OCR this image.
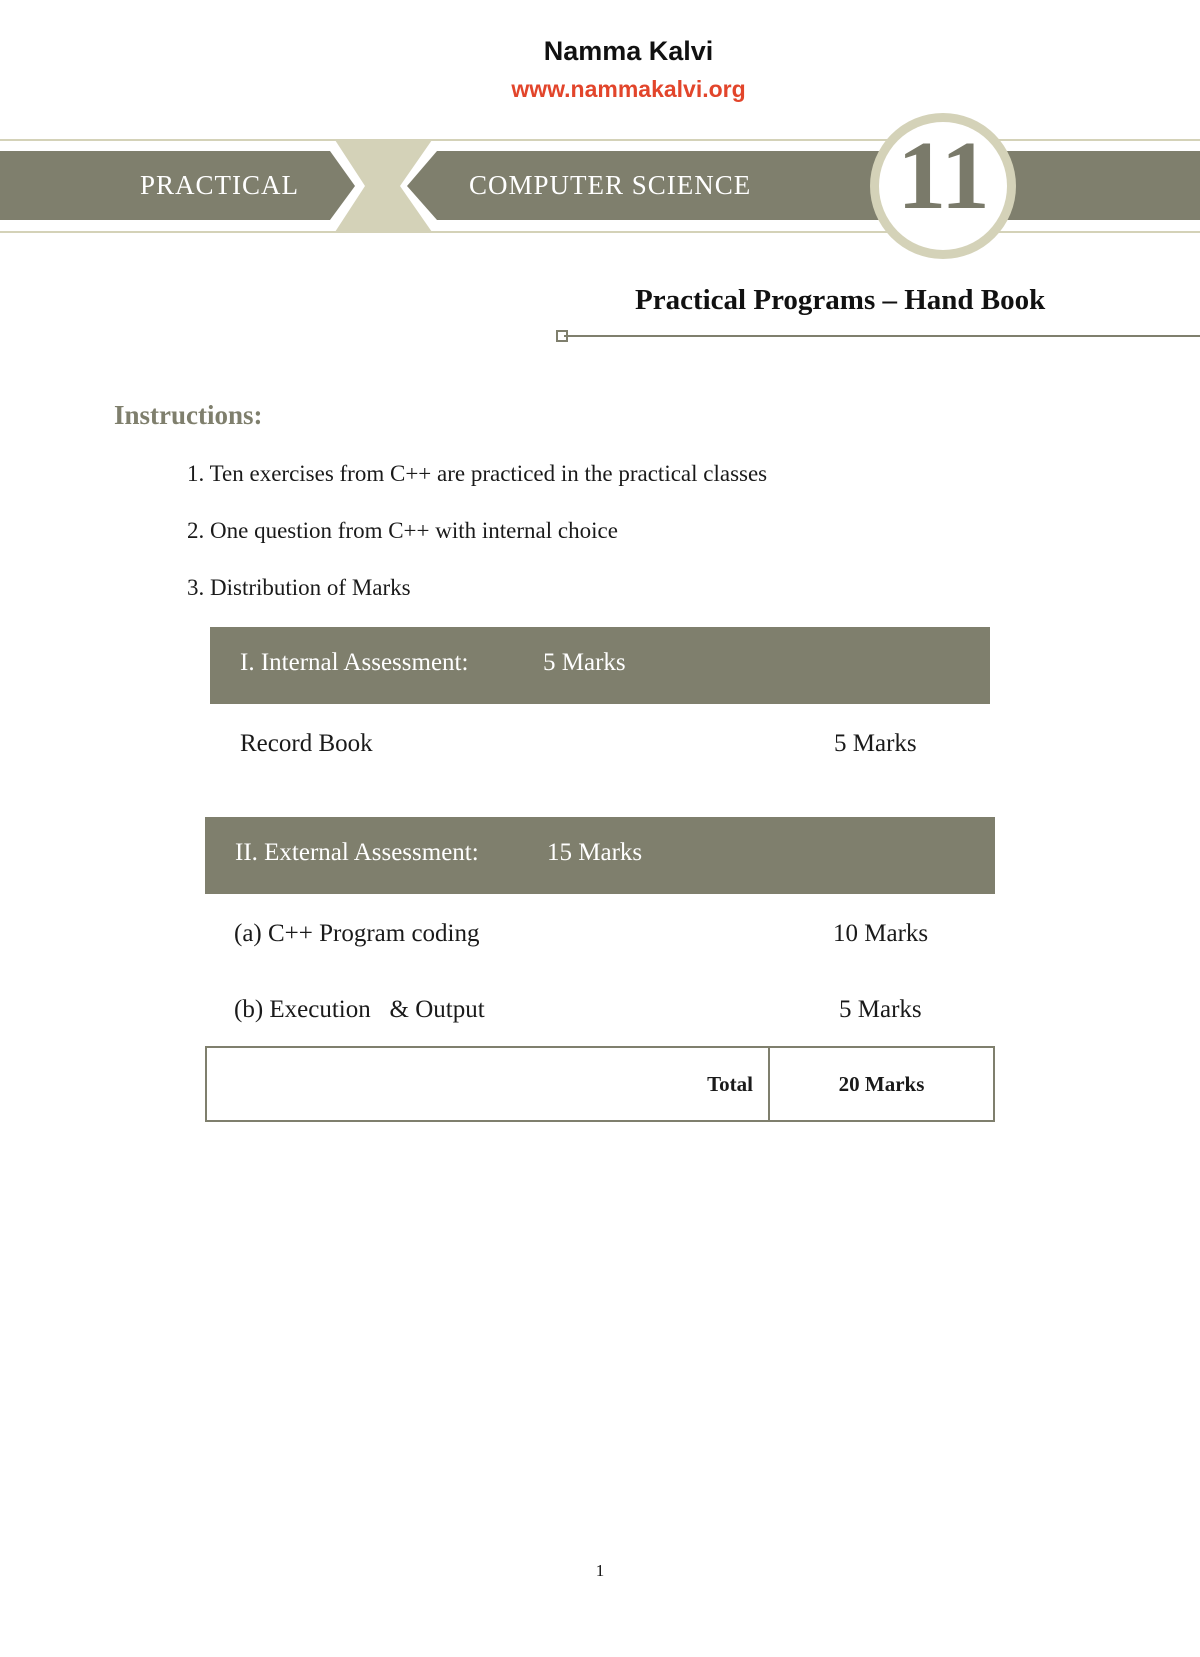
Namma Kalvi
www.nammakalvi.org
PRACTICAL	COMPUTER SCIENCE 11
Practical Programs – Hand Book
Instructions:
1. Ten exercises from C++ are practiced in the practical classes
2. One question from C++ with internal choice
3. Distribution of Marks
I. Internal Assessment:	5 Marks
Record Book	5 Marks
II. External Assessment:	15 Marks
(a) C++ Program coding	10 Marks
(b) Execution   & Output	5 Marks
Total	20 Marks
1
